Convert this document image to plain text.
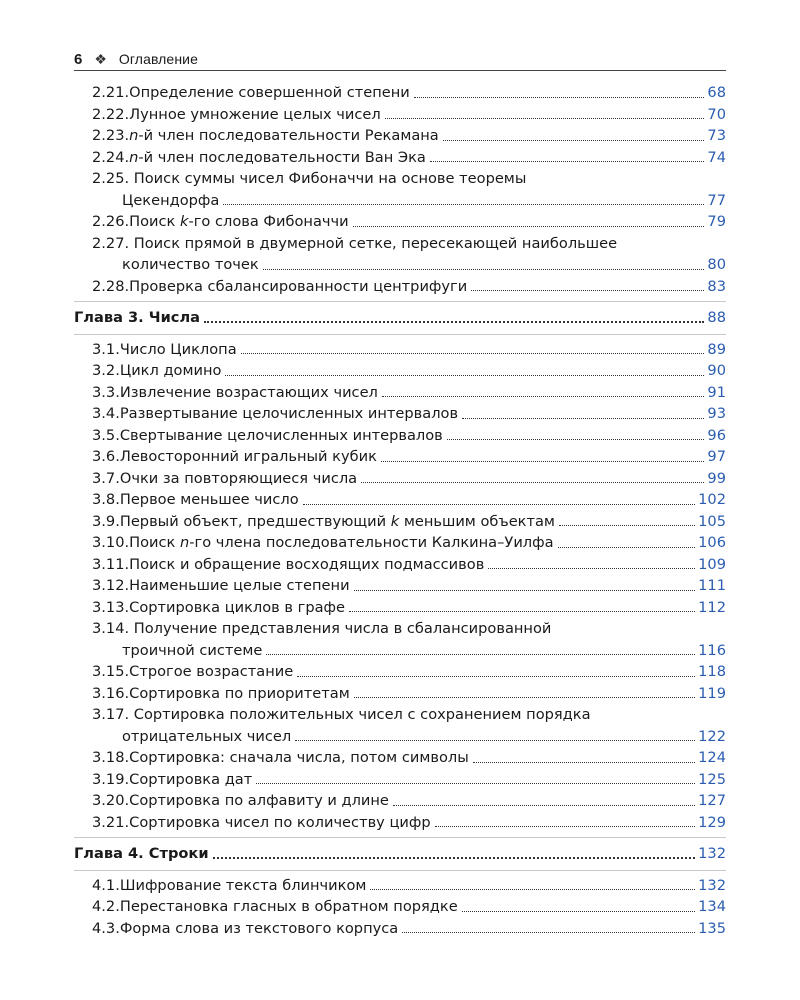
6 ❖ Оглавление
2.21. Определение совершенной степени	68
2.22. Лунное умножение целых чисел	70
2.23. n-й член последовательности Рекамана	73
2.24. n-й член последовательности Ван Эка	74
2.25. Поиск суммы чисел Фибоначчи на основе теоремы
Цекендорфа	77
2.26. Поиск k-го слова Фибоначчи	79
2.27. Поиск прямой в двумерной сетке, пересекающей наибольшее
количество точек	80
2.28. Проверка сбалансированности центрифуги	83
Глава 3. Числа	88
3.1. Число Циклопа	89
3.2. Цикл домино	90
3.3. Извлечение возрастающих чисел	91
3.4. Развертывание целочисленных интервалов	93
3.5. Свертывание целочисленных интервалов	96
3.6. Левосторонний игральный кубик	97
3.7. Очки за повторяющиеся числа	99
3.8. Первое меньшее число	102
3.9. Первый объект, предшествующий k меньшим объектам	105
3.10. Поиск n-го члена последовательности Калкина–Уилфа	106
3.11. Поиск и обращение восходящих подмассивов	109
3.12. Наименьшие целые степени	111
3.13. Сортировка циклов в графе	112
3.14. Получение представления числа в сбалансированной
троичной системе	116
3.15. Строгое возрастание	118
3.16. Сортировка по приоритетам	119
3.17. Сортировка положительных чисел с сохранением порядка
отрицательных чисел	122
3.18. Сортировка: сначала числа, потом символы	124
3.19. Сортировка дат	125
3.20. Сортировка по алфавиту и длине	127
3.21. Сортировка чисел по количеству цифр	129
Глава 4. Строки	132
4.1. Шифрование текста блинчиком	132
4.2. Перестановка гласных в обратном порядке	134
4.3. Форма слова из текстового корпуса	135
